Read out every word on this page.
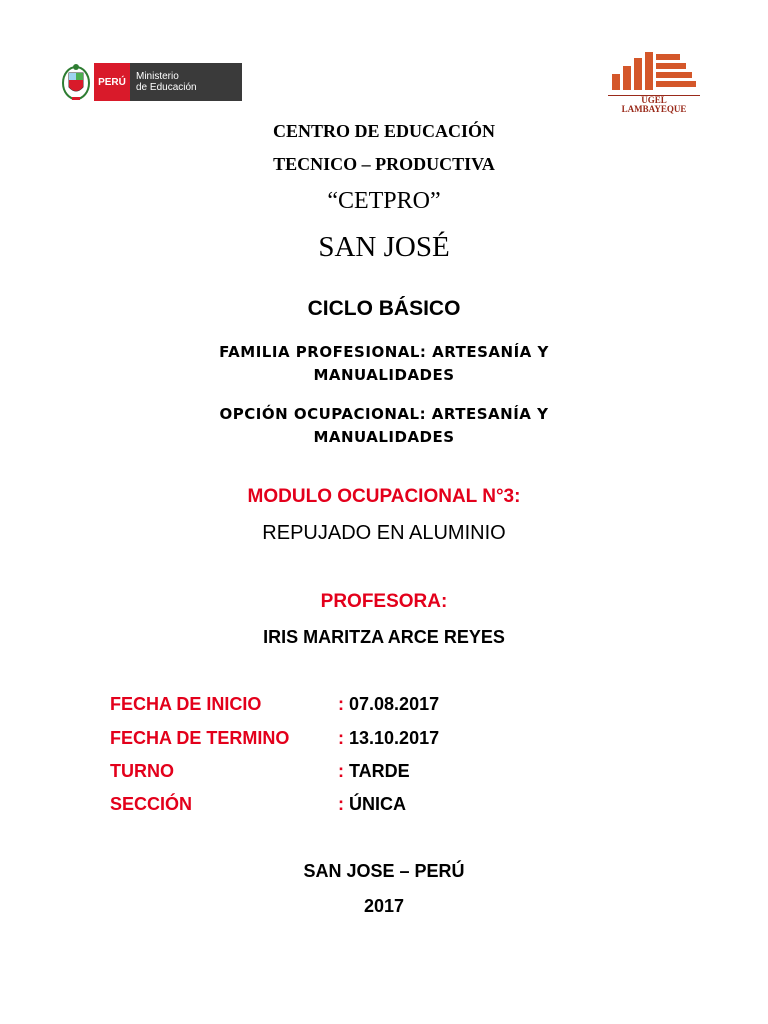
PERÚ	Ministerio
de Educación
UGEL
LAMBAYEQUE
CENTRO DE EDUCACIÓN
TECNICO – PRODUCTIVA
“CETPRO”
SAN JOSÉ
CICLO BÁSICO
FAMILIA PROFESIONAL: ARTESANÍA Y
MANUALIDADES
OPCIÓN OCUPACIONAL: ARTESANÍA Y
MANUALIDADES
MODULO OCUPACIONAL N°3:
REPUJADO EN ALUMINIO
PROFESORA:
IRIS MARITZA ARCE REYES
FECHA DE INICIO	: 07.08.2017
FECHA DE TERMINO	: 13.10.2017
TURNO	: TARDE
SECCIÓN	: ÚNICA
SAN JOSE – PERÚ
2017
